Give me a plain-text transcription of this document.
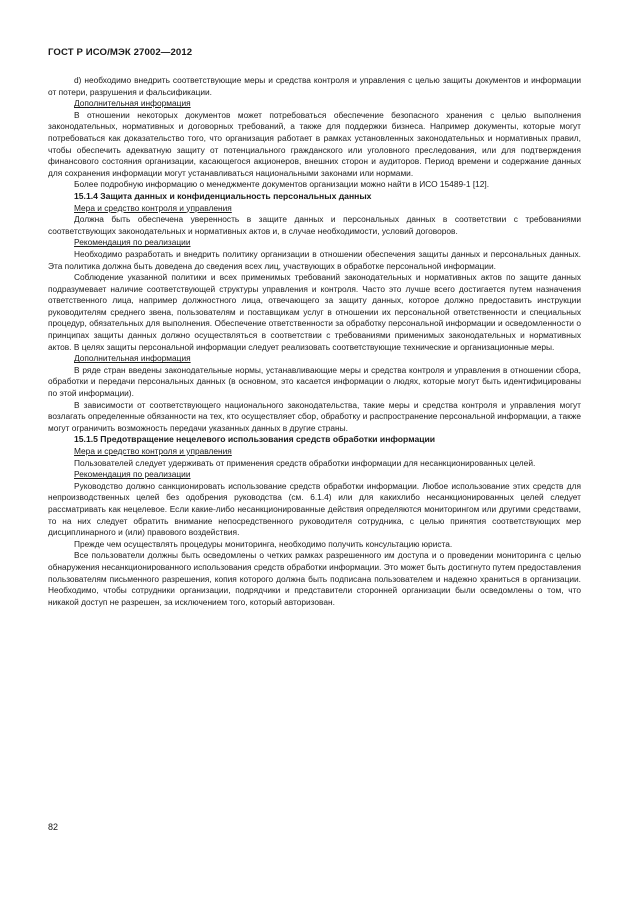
ГОСТ Р ИСО/МЭК 27002—2012

d) необходимо внедрить соответствующие меры и средства контроля и управления с целью защиты документов и информации от потери, разрушения и фальсификации.

Дополнительная информация

В отношении некоторых документов может потребоваться обеспечение безопасного хранения с целью выполнения законодательных, нормативных и договорных требований, а также для поддержки бизнеса. Например документы, которые могут потребоваться как доказательство того, что организация работает в рамках установленных законодательных и нормативных правил, чтобы обеспечить адекватную защиту от потенциального гражданского или уголовного преследования, или для подтверждения финансового состояния организации, касающегося акционеров, внешних сторон и аудиторов. Период времени и содержание данных для сохранения информации могут устанавливаться национальными законами или нормами.

Более подробную информацию о менеджменте документов организации можно найти в ИСО 15489-1 [12].

15.1.4 Защита данных и конфиденциальность персональных данных

Мера и средство контроля и управления

Должна быть обеспечена уверенность в защите данных и персональных данных в соответствии с требованиями соответствующих законодательных и нормативных актов и, в случае необходимости, условий договоров.

Рекомендация по реализации

Необходимо разработать и внедрить политику организации в отношении обеспечения защиты данных и персональных данных. Эта политика должна быть доведена до сведения всех лиц, участвующих в обработке персональной информации.

Соблюдение указанной политики и всех применимых требований законодательных и нормативных актов по защите данных подразумевает наличие соответствующей структуры управления и контроля. Часто это лучше всего достигается путем назначения ответственного лица, например должностного лица, отвечающего за защиту данных, которое должно предоставить инструкции руководителям среднего звена, пользователям и поставщикам услуг в отношении их персональной ответственности и специальных процедур, обязательных для выполнения. Обеспечение ответственности за обработку персональной информации и осведомленности о принципах защиты данных должно осуществляться в соответствии с требованиями применимых законодательных и нормативных актов. В целях защиты персональной информации следует реализовать соответствующие технические и организационные меры.

Дополнительная информация

В ряде стран введены законодательные нормы, устанавливающие меры и средства контроля и управления в отношении сбора, обработки и передачи персональных данных (в основном, это касается информации о людях, которые могут быть идентифицированы по этой информации).

В зависимости от соответствующего национального законодательства, такие меры и средства контроля и управления могут возлагать определенные обязанности на тех, кто осуществляет сбор, обработку и распространение персональной информации, а также могут ограничить возможность передачи указанных данных в другие страны.

15.1.5 Предотвращение нецелевого использования средств обработки информации

Мера и средство контроля и управления

Пользователей следует удерживать от применения средств обработки информации для несанкционированных целей.

Рекомендация по реализации

Руководство должно санкционировать использование средств обработки информации. Любое использование этих средств для непроизводственных целей без одобрения руководства (см. 6.1.4) или для какихлибо несанкционированных целей следует рассматривать как нецелевое. Если какие-либо несанкционированные действия определяются мониторингом или другими средствами, то на них следует обратить внимание непосредственного руководителя сотрудника, с целью принятия соответствующих мер дисциплинарного и (или) правового воздействия.

Прежде чем осуществлять процедуры мониторинга, необходимо получить консультацию юриста.

Все пользователи должны быть осведомлены о четких рамках разрешенного им доступа и о проведении мониторинга с целью обнаружения несанкционированного использования средств обработки информации. Это может быть достигнуто путем предоставления пользователям письменного разрешения, копия которого должна быть подписана пользователем и надежно храниться в организации. Необходимо, чтобы сотрудники организации, подрядчики и представители сторонней организации были осведомлены о том, что никакой доступ не разрешен, за исключением того, который авторизован.

82
